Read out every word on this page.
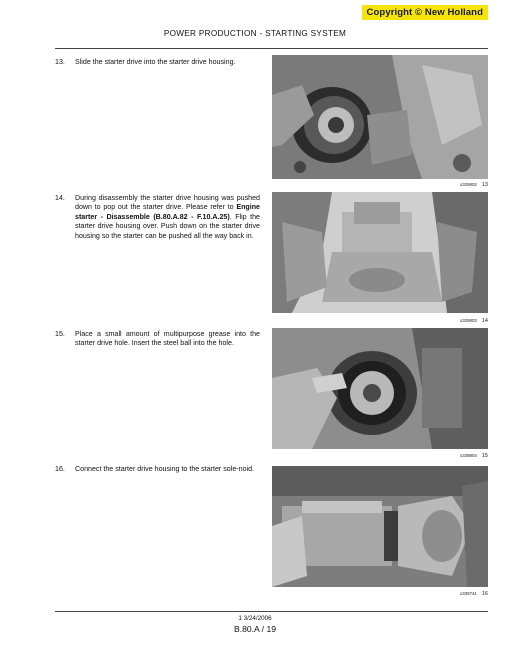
Copyright © New Holland
POWER PRODUCTION - STARTING SYSTEM
13. Slide the starter drive into the starter drive housing.
x339802 13
14. During disassembly the starter drive housing was pushed down to pop out the starter drive. Please refer to Engine starter - Disassemble (B.80.A.82 - F.10.A.25). Flip the starter drive housing over. Push down on the starter drive housing so the starter can be pushed all the way back in.
x339803 14
15. Place a small amount of multipurpose grease into the starter drive hole. Insert the steel ball into the hole.
x339804 15
16. Connect the starter drive housing to the starter sole-noid.
x339741 16
1 3/24/2006
B.80.A / 19
